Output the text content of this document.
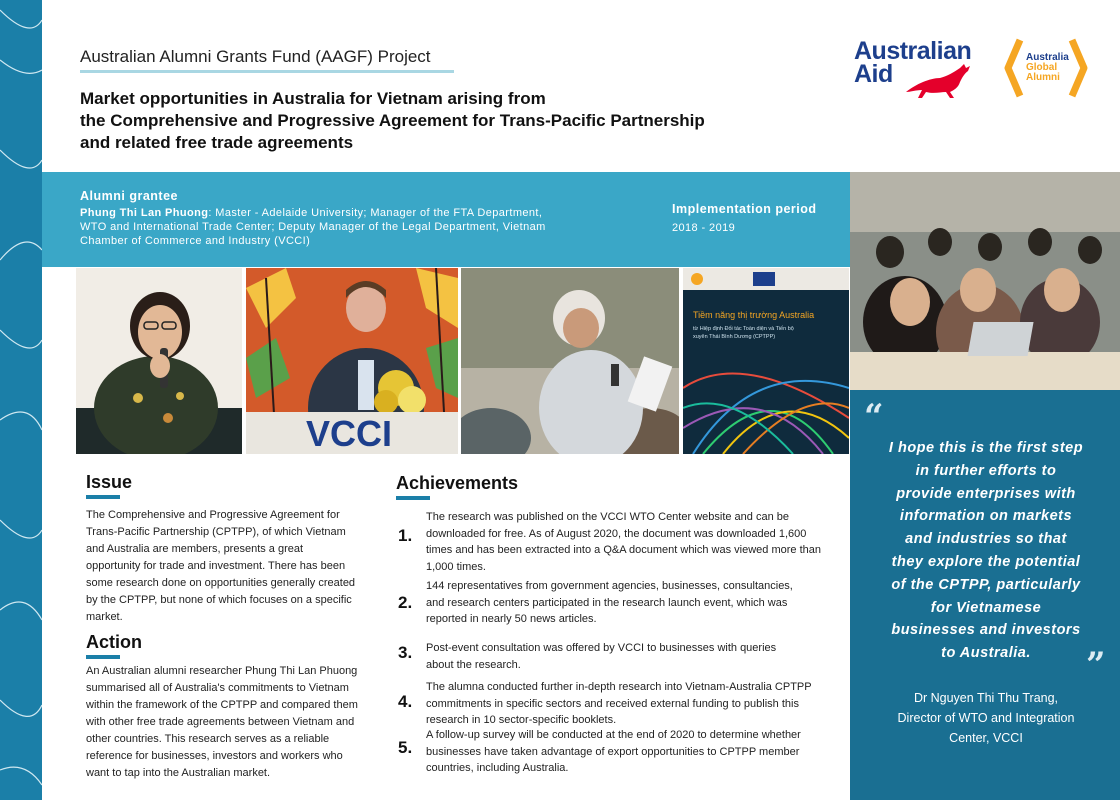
Australian Alumni Grants Fund (AAGF) Project
Market opportunities in Australia for Vietnam arising from
the Comprehensive and Progressive Agreement for Trans-Pacific Partnership
and related free trade agreements
Australian
Aid
Australia
Global
Alumni
Alumni grantee
Phung Thi Lan Phuong: Master - Adelaide University; Manager of the FTA Department,
WTO and International Trade Center; Deputy Manager of the Legal Department, Vietnam
Chamber of Commerce and Industry (VCCI)
Implementation period
2018 - 2019
VCCI
Tiềm năng thị trường Australia
từ Hiệp định Đối tác Toàn diện và Tiến bộ
xuyên Thái Bình Dương (CPTPP)
“
I hope this is the first step
in further efforts to
provide enterprises with
information on markets
and industries so that
they explore the potential
of the CPTPP, particularly
for Vietnamese
businesses and investors
to Australia.	”
Dr Nguyen Thi Thu Trang,
Director of WTO and Integration
Center, VCCI
Issue
The Comprehensive and Progressive Agreement for
Trans-Pacific Partnership (CPTPP), of which Vietnam
and Australia are members, presents a great
opportunity for trade and investment. There has been
some research done on opportunities generally created
by the CPTPP, but none of which focuses on a specific
market.
Action
An Australian alumni researcher Phung Thi Lan Phuong
summarised all of Australia's commitments to Vietnam
within the framework of the CPTPP and compared them
with other free trade agreements between Vietnam and
other countries. This research serves as a reliable
reference for businesses, investors and workers who
want to tap into the Australian market.
Achievements
1.
The research was published on the VCCI WTO Center website and can be
downloaded for free. As of August 2020, the document was downloaded 1,600
times and has been extracted into a Q&A document which was viewed more than
1,000 times.
2.
144 representatives from government agencies, businesses, consultancies,
and research centers participated in the research launch event, which was
reported in nearly 50 news articles.
3. Post-event consultation was offered by VCCI to businesses with queries
about the research.
4.
The alumna conducted further in-depth research into Vietnam-Australia CPTPP
commitments in specific sectors and received external funding to publish this
research in 10 sector-specific booklets.
5.
A follow-up survey will be conducted at the end of 2020 to determine whether
businesses have taken advantage of export opportunities to CPTPP member
countries, including Australia.
